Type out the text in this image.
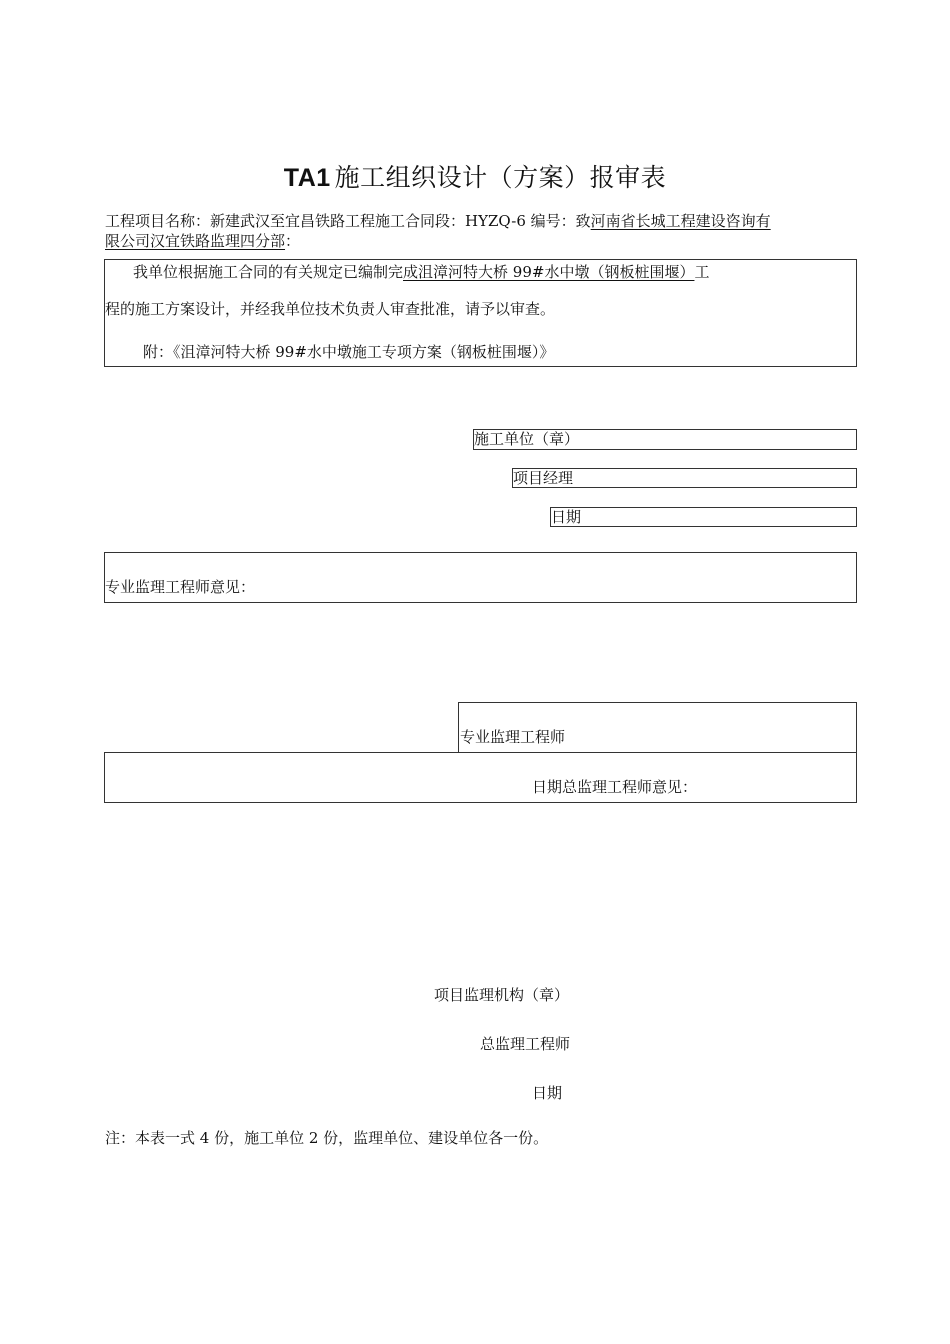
TA1 施工组织设计（方案）报审表
工程项目名称：新建武汉至宜昌铁路工程施工合同段：HYZQ-6 编号：致河南省长城工程建设咨询有
限公司汉宜铁路监理四分部：
我单位根据施工合同的有关规定已编制完成沮漳河特大桥 99#水中墩（钢板桩围堰）工
程的施工方案设计，并经我单位技术负责人审查批准，请予以审查。
附：《沮漳河特大桥 99#水中墩施工专项方案（钢板桩围堰）》
施工单位（章）
项目经理
日期
专业监理工程师意见：
专业监理工程师
日期总监理工程师意见：
项目监理机构（章）
总监理工程师
日期
注：本表一式 4 份，施工单位 2 份，监理单位、建设单位各一份。
